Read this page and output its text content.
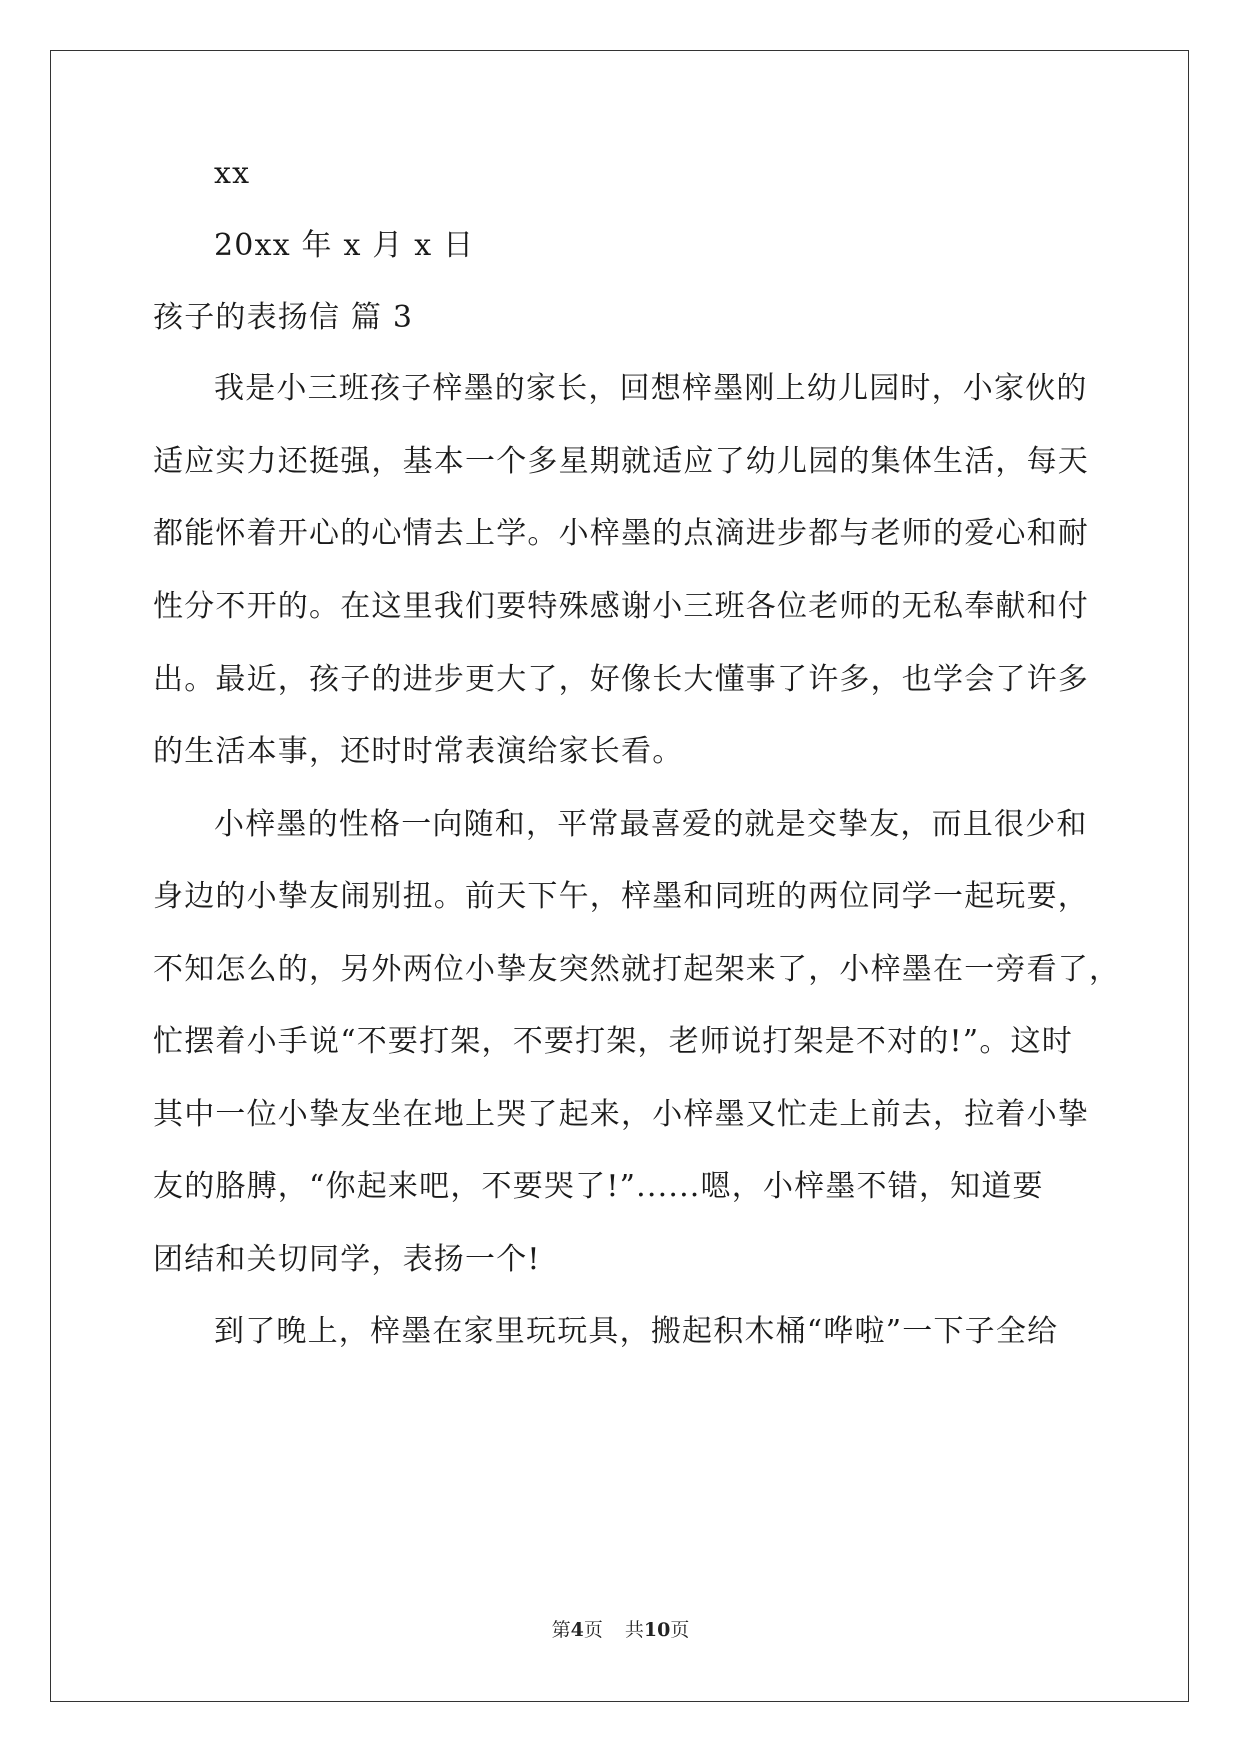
xx
20xx 年 x 月 x 日
孩子的表扬信 篇 3
我是小三班孩子梓墨的家长，回想梓墨刚上幼儿园时，小家伙的
适应实力还挺强，基本一个多星期就适应了幼儿园的集体生活，每天
都能怀着开心的心情去上学。小梓墨的点滴进步都与老师的爱心和耐
性分不开的。在这里我们要特殊感谢小三班各位老师的无私奉献和付
出。最近，孩子的进步更大了，好像长大懂事了许多，也学会了许多
的生活本事，还时时常表演给家长看。
小梓墨的性格一向随和，平常最喜爱的就是交挚友，而且很少和
身边的小挚友闹别扭。前天下午，梓墨和同班的两位同学一起玩要，
不知怎么的，另外两位小挚友突然就打起架来了，小梓墨在一旁看了，
忙摆着小手说“不要打架，不要打架，老师说打架是不对的!”。这时
其中一位小挚友坐在地上哭了起来，小梓墨又忙走上前去，拉着小挚
友的胳膊，“你起来吧，不要哭了!”......嗯，小梓墨不错，知道要
团结和关切同学，表扬一个!
到了晚上，梓墨在家里玩玩具，搬起积木桶“哗啦”一下子全给
第4页 共10页
